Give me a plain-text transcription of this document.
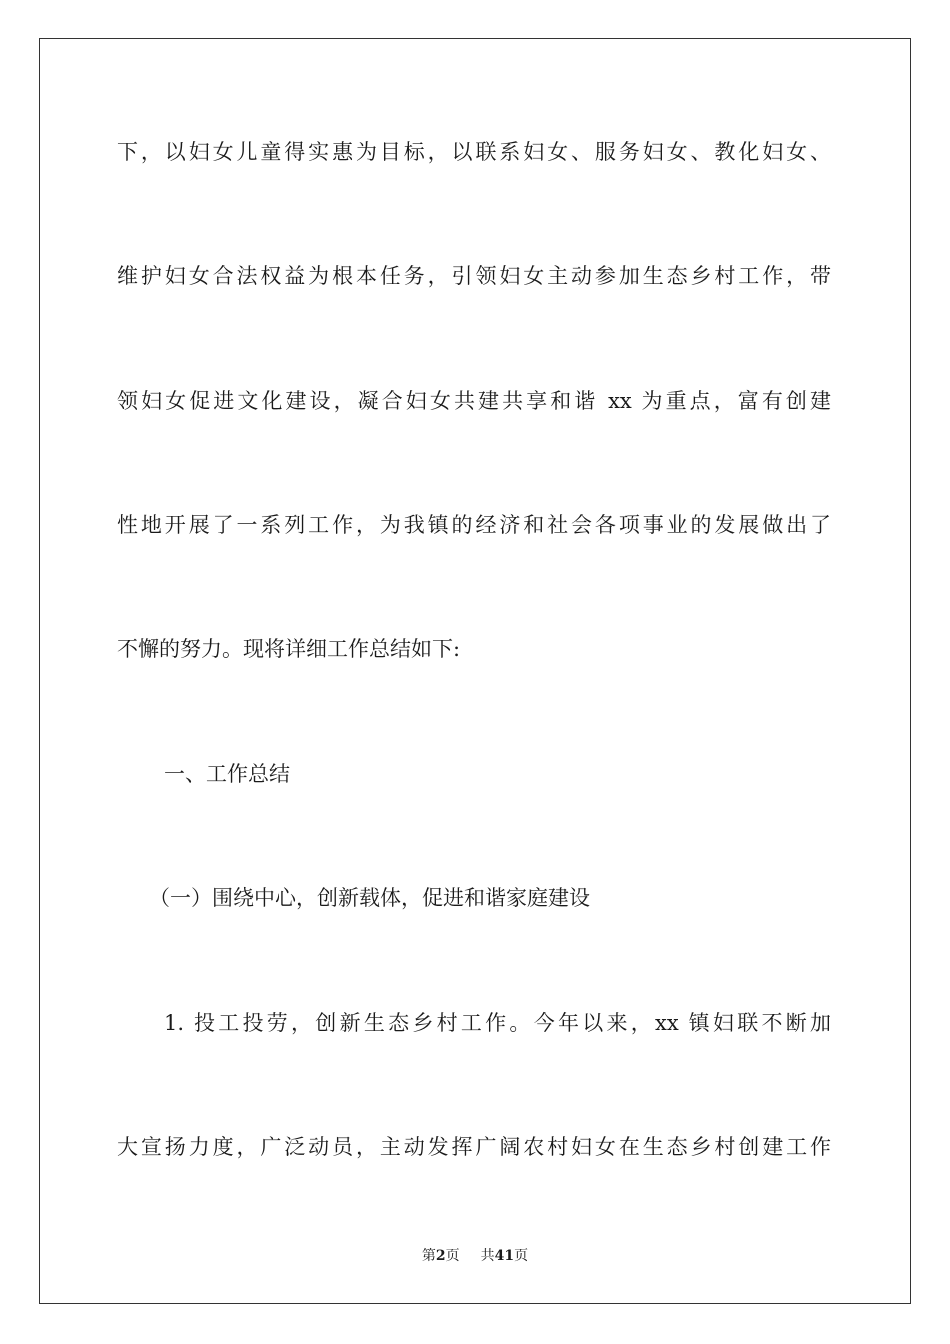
下，以妇女儿童得实惠为目标，以联系妇女、服务妇女、教化妇女、
维护妇女合法权益为根本任务，引领妇女主动参加生态乡村工作，带
领妇女促进文化建设，凝合妇女共建共享和谐 xx 为重点，富有创建
性地开展了一系列工作，为我镇的经济和社会各项事业的发展做出了
不懈的努力。现将详细工作总结如下:
一、工作总结
（一）围绕中心，创新载体，促进和谐家庭建设
1. 投工投劳，创新生态乡村工作。今年以来，xx 镇妇联不断加
大宣扬力度，广泛动员，主动发挥广阔农村妇女在生态乡村创建工作
第2页 共41页
